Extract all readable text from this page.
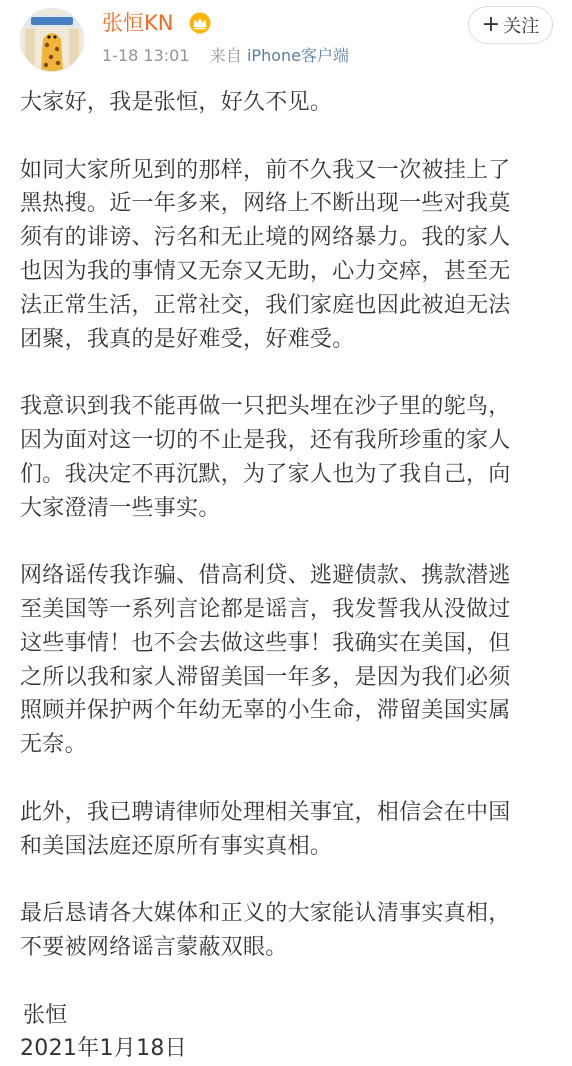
张恒KN
1-18 13:01 来自 iPhone客户端
+ 关注

大家好，我是张恒，好久不见。

如同大家所见到的那样，前不久我又一次被挂上了
黑热搜。近一年多来，网络上不断出现一些对我莫
须有的诽谤、污名和无止境的网络暴力。我的家人
也因为我的事情又无奈又无助，心力交瘁，甚至无
法正常生活，正常社交，我们家庭也因此被迫无法
团聚，我真的是好难受，好难受。

我意识到我不能再做一只把头埋在沙子里的鸵鸟，
因为面对这一切的不止是我，还有我所珍重的家人
们。我决定不再沉默，为了家人也为了我自己，向
大家澄清一些事实。

网络谣传我诈骗、借高利贷、逃避债款、携款潜逃
至美国等一系列言论都是谣言，我发誓我从没做过
这些事情！也不会去做这些事！我确实在美国，但
之所以我和家人滞留美国一年多，是因为我们必须
照顾并保护两个年幼无辜的小生命，滞留美国实属
无奈。

此外，我已聘请律师处理相关事宜，相信会在中国
和美国法庭还原所有事实真相。

最后恳请各大媒体和正义的大家能认清事实真相，
不要被网络谣言蒙蔽双眼。

张恒
2021年1月18日
